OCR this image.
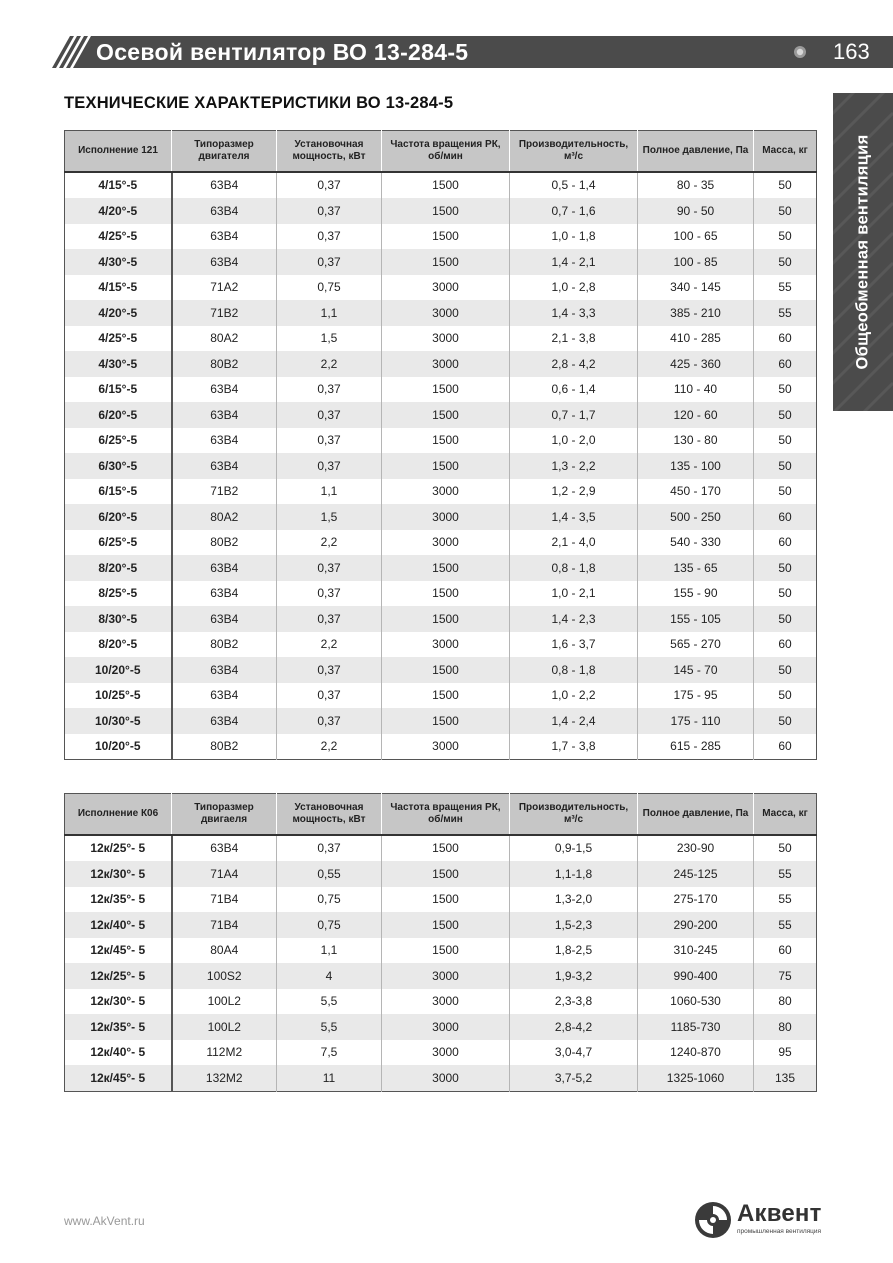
Осевой вентилятор ВО 13-284-5	163
Общеобменная вентиляция
ТЕХНИЧЕСКИЕ ХАРАКТЕРИСТИКИ ВО 13-284-5
Исполнение 121	Типоразмер двигателя	Установочная мощность, кВт	Частота вращения РК, об/мин	Производительность, м³/с	Полное давление, Па	Масса, кг
4/15°-5	63В4	0,37	1500	0,5 - 1,4	80 - 35	50
4/20°-5	63В4	0,37	1500	0,7 - 1,6	90 - 50	50
4/25°-5	63В4	0,37	1500	1,0 - 1,8	100 - 65	50
4/30°-5	63В4	0,37	1500	1,4 - 2,1	100 - 85	50
4/15°-5	71А2	0,75	3000	1,0 - 2,8	340 - 145	55
4/20°-5	71В2	1,1	3000	1,4 - 3,3	385 - 210	55
4/25°-5	80А2	1,5	3000	2,1 - 3,8	410 - 285	60
4/30°-5	80В2	2,2	3000	2,8 - 4,2	425 - 360	60
6/15°-5	63В4	0,37	1500	0,6 - 1,4	110 - 40	50
6/20°-5	63В4	0,37	1500	0,7 - 1,7	120 - 60	50
6/25°-5	63В4	0,37	1500	1,0 - 2,0	130 - 80	50
6/30°-5	63В4	0,37	1500	1,3 - 2,2	135 - 100	50
6/15°-5	71В2	1,1	3000	1,2 - 2,9	450 - 170	50
6/20°-5	80А2	1,5	3000	1,4 - 3,5	500 - 250	60
6/25°-5	80В2	2,2	3000	2,1 - 4,0	540 - 330	60
8/20°-5	63В4	0,37	1500	0,8 - 1,8	135 - 65	50
8/25°-5	63В4	0,37	1500	1,0 - 2,1	155 - 90	50
8/30°-5	63В4	0,37	1500	1,4 - 2,3	155 - 105	50
8/20°-5	80В2	2,2	3000	1,6 - 3,7	565 - 270	60
10/20°-5	63В4	0,37	1500	0,8 - 1,8	145 - 70	50
10/25°-5	63В4	0,37	1500	1,0 - 2,2	175 - 95	50
10/30°-5	63В4	0,37	1500	1,4 - 2,4	175 - 110	50
10/20°-5	80В2	2,2	3000	1,7 - 3,8	615 - 285	60
Исполнение К06	Типоразмер двигаеля	Установочная мощность, кВт	Частота вращения РК, об/мин	Производительность, м³/с	Полное давление, Па	Масса, кг
12к/25°- 5	63В4	0,37	1500	0,9-1,5	230-90	50
12к/30°- 5	71А4	0,55	1500	1,1-1,8	245-125	55
12к/35°- 5	71В4	0,75	1500	1,3-2,0	275-170	55
12к/40°- 5	71В4	0,75	1500	1,5-2,3	290-200	55
12к/45°- 5	80А4	1,1	1500	1,8-2,5	310-245	60
12к/25°- 5	100S2	4	3000	1,9-3,2	990-400	75
12к/30°- 5	100L2	5,5	3000	2,3-3,8	1060-530	80
12к/35°- 5	100L2	5,5	3000	2,8-4,2	1185-730	80
12к/40°- 5	112М2	7,5	3000	3,0-4,7	1240-870	95
12к/45°- 5	132М2	11	3000	3,7-5,2	1325-1060	135
www.AkVent.ru	Аквент
промышленная вентиляция
